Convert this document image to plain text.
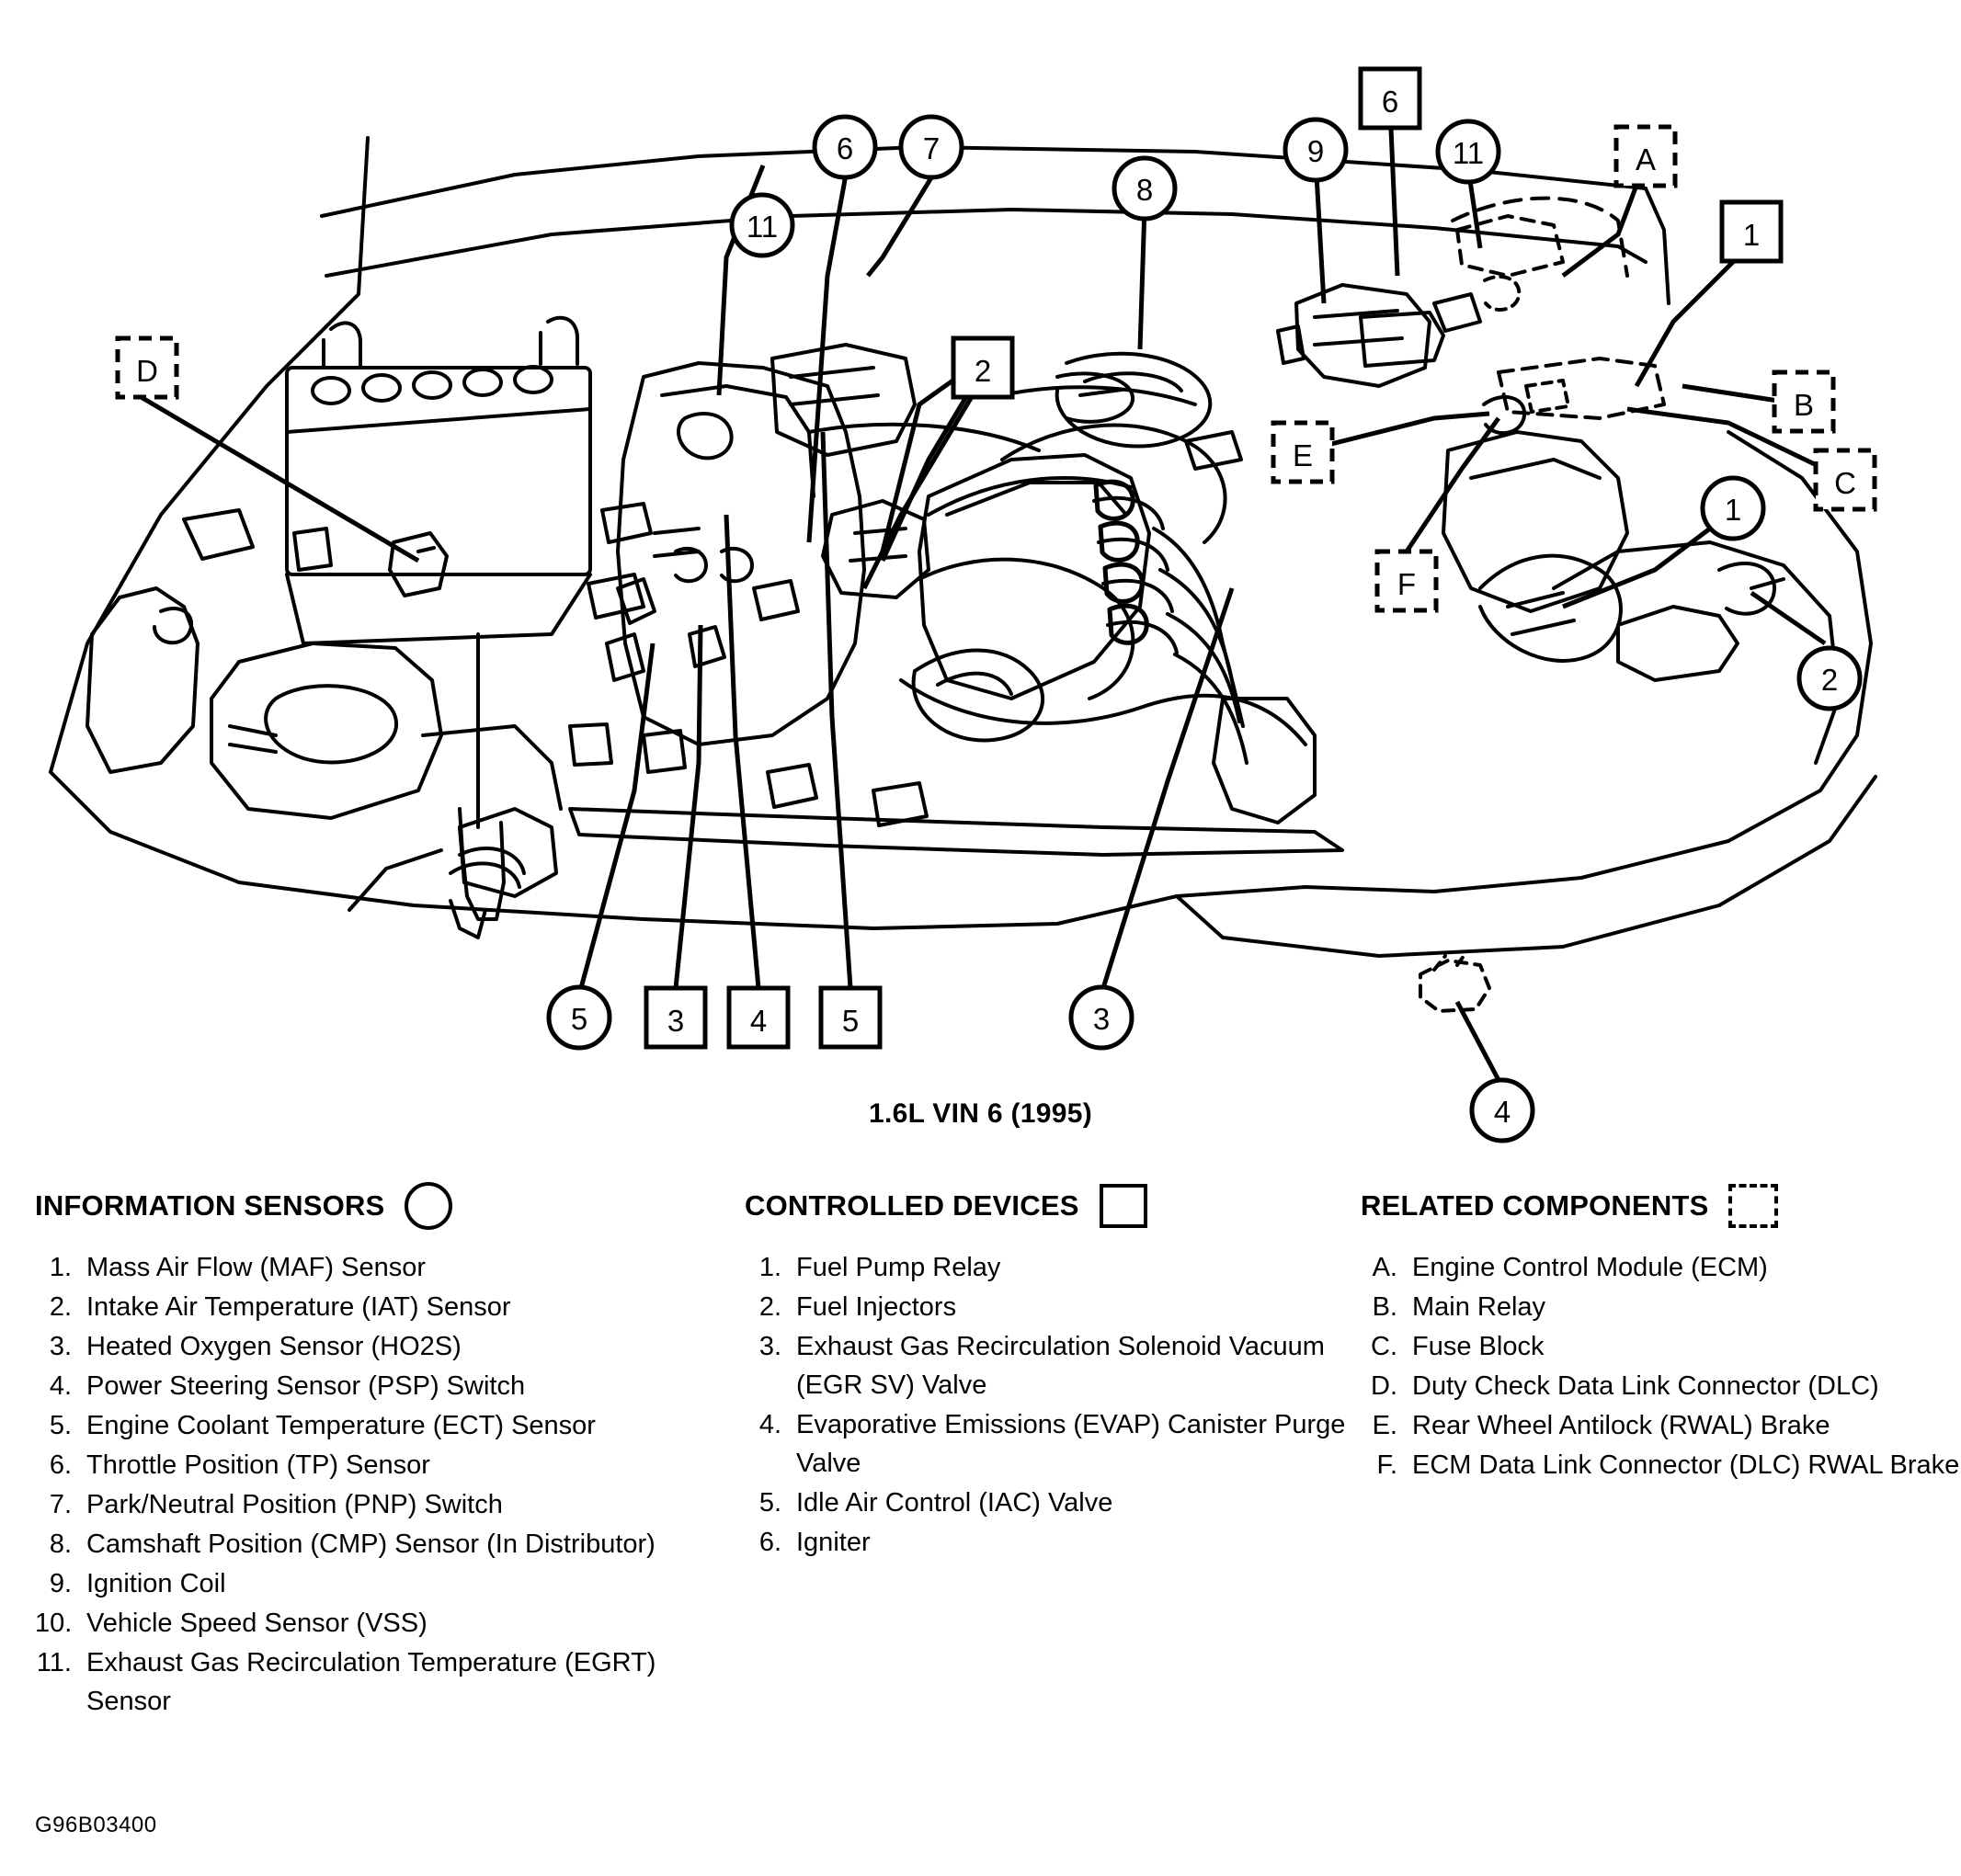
6 7
11
8
9	11
1
2
5	3
4
6
1
2
3 4 5
A
D
B
C
E
F
1.6L VIN 6 (1995)
INFORMATION SENSORS
1. Mass Air Flow (MAF) Sensor
2. Intake Air Temperature (IAT) Sensor
3. Heated Oxygen Sensor (HO2S)
4. Power Steering Sensor (PSP) Switch
5. Engine Coolant Temperature (ECT) Sensor
6. Throttle Position (TP) Sensor
7. Park/Neutral Position (PNP) Switch
8. Camshaft Position (CMP) Sensor (In Distributor)
9. Ignition Coil
10. Vehicle Speed Sensor (VSS)
11. Exhaust Gas Recirculation Temperature (EGRT) Sensor
CONTROLLED DEVICES
1. Fuel Pump Relay
2. Fuel Injectors
3. Exhaust Gas Recirculation Solenoid Vacuum (EGR SV) Valve
4. Evaporative Emissions (EVAP) Canister Purge Valve
5. Idle Air Control (IAC) Valve
6. Igniter
RELATED COMPONENTS
A. Engine Control Module (ECM)
B. Main Relay
C. Fuse Block
D. Duty Check Data Link Connector (DLC)
E. Rear Wheel Antilock (RWAL) Brake
F. ECM Data Link Connector (DLC) RWAL Brake
G96B03400
